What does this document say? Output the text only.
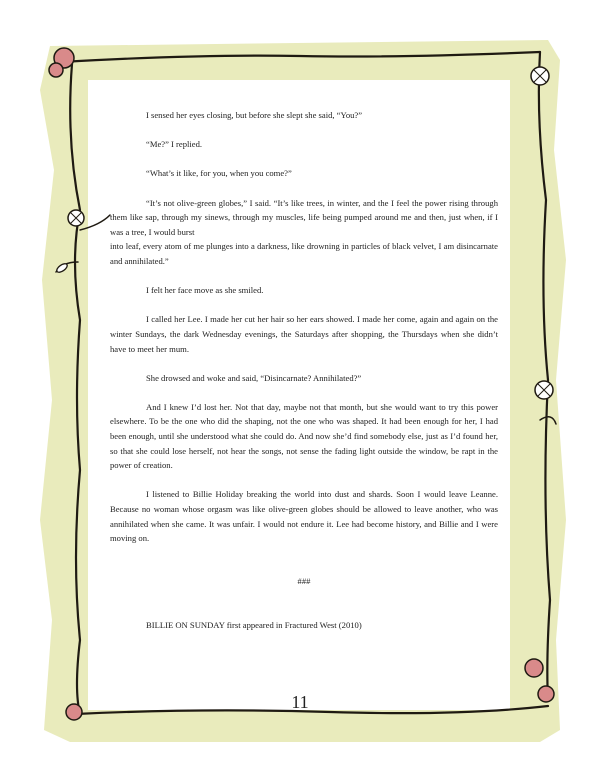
I sensed her eyes closing, but before she slept she said, “You?”

“Me?” I replied.

“What’s it like, for you, when you come?”

“It’s not olive-green globes,” I said. “It’s like trees, in winter, and the I feel the power rising through them like sap, through my sinews, through my muscles, life being pumped around me and then, just when, if I was a tree, I would burst

into leaf, every atom of me plunges into a darkness, like drowning in particles of black velvet, I am disincarnate and annihilated.”

I felt her face move as she smiled.

I called her Lee. I made her cut her hair so her ears showed. I made her come, again and again on the winter Sundays, the dark Wednesday evenings, the Saturdays after shopping, the Thursdays when she didn’t have to meet her mum.

She drowsed and woke and said, “Disincarnate? Annihilated?”

And I knew I’d lost her. Not that day, maybe not that month, but she would want to try this power elsewhere. To be the one who did the shaping, not the one who was shaped. It had been enough for her, I had been enough, until she understood what she could do. And now she’d find somebody else, just as I’d found her, so that she could lose herself, not hear the songs, not sense the fading light outside the window, be rapt in the power of creation.

I listened to Billie Holiday breaking the world into dust and shards. Soon I would leave Leanne. Because no woman whose orgasm was like olive-green globes should be allowed to leave another, who was annihilated when she came. It was unfair. I would not endure it. Lee had become history, and Billie and I were moving on.

###

BILLIE ON SUNDAY first appeared in Fractured West (2010)

11
